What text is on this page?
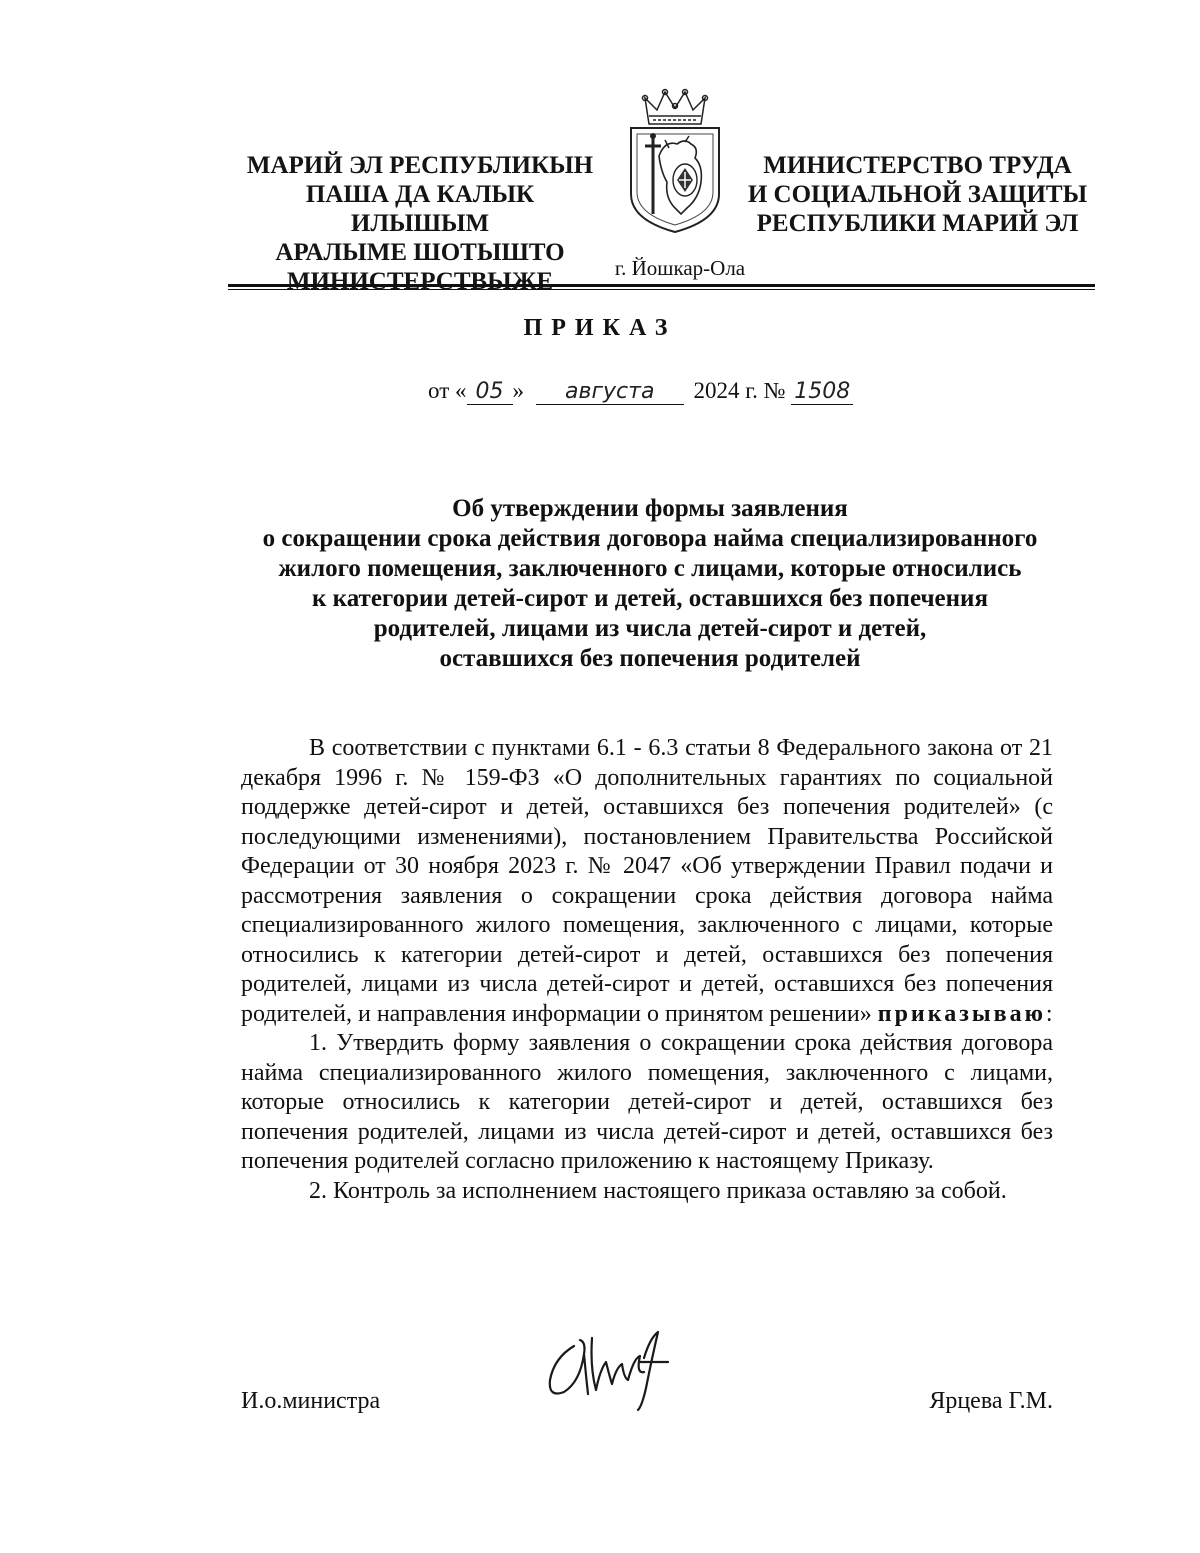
МАРИЙ ЭЛ РЕСПУБЛИКЫН
ПАША ДА КАЛЫК ИЛЫШЫМ
АРАЛЫМЕ ШОТЫШТО
МИНИСТЕРСТВЫЖЕ
МИНИСТЕРСТВО ТРУДА
И СОЦИАЛЬНОЙ ЗАЩИТЫ
РЕСПУБЛИКИ МАРИЙ ЭЛ
г. Йошкар-Ола
ПРИКАЗ
от « 05 » августа 2024 г. № 1508
Об утверждении формы заявления
о сокращении срока действия договора найма специализированного
жилого помещения, заключенного с лицами, которые относились
к категории детей-сирот и детей, оставшихся без попечения
родителей, лицами из числа детей-сирот и детей,
оставшихся без попечения родителей

В соответствии с пунктами 6.1 - 6.3 статьи 8 Федерального закона от 21 декабря 1996 г. № 159-ФЗ «О дополнительных гарантиях по социальной поддержке детей-сирот и детей, оставшихся без попечения родителей» (с последующими изменениями), постановлением Правительства Российской Федерации от 30 ноября 2023 г. № 2047 «Об утверждении Правил подачи и рассмотрения заявления о сокращении срока действия договора найма специализированного жилого помещения, заключенного с лицами, которые относились к категории детей-сирот и детей, оставшихся без попечения родителей, лицами из числа детей-сирот и детей, оставшихся без попечения родителей, и направления информации о принятом решении» приказываю:

1. Утвердить форму заявления о сокращении срока действия договора найма специализированного жилого помещения, заключенного с лицами, которые относились к категории детей-сирот и детей, оставшихся без попечения родителей, лицами из числа детей-сирот и детей, оставшихся без попечения родителей согласно приложению к настоящему Приказу.

2. Контроль за исполнением настоящего приказа оставляю за собой.

И.о.министра	Ярцева Г.М.
